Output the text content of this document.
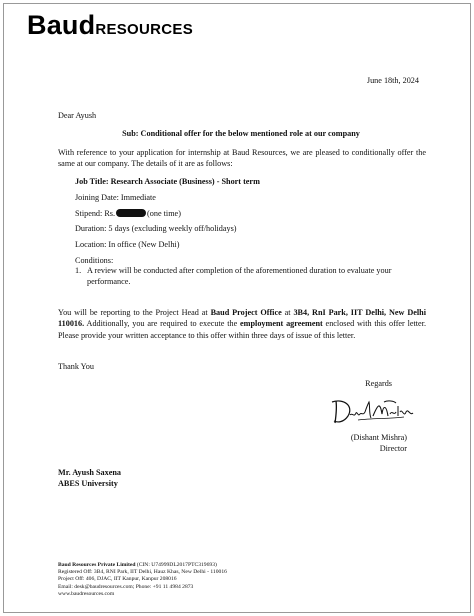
BaudRESOURCES
June 18th, 2024
Dear Ayush
Sub: Conditional offer for the below mentioned role at our company
With reference to your application for internship at Baud Resources, we are pleased to conditionally offer the same at our company. The details of it are as follows:
Job Title: Research Associate (Business) - Short term
Joining Date: Immediate
Stipend: Rs.	(one time)
Duration: 5 days (excluding weekly off/holidays)
Location: In office (New Delhi)
Conditions:
1. A review will be conducted after completion of the aforementioned duration to evaluate your performance.
You will be reporting to the Project Head at Baud Project Office at 3B4, RnI Park, IIT Delhi, New Delhi 110016. Additionally, you are required to execute the employment agreement enclosed with this offer letter. Please provide your written acceptance to this offer within three days of issue of this letter.
Thank You
Regards
(Dishant Mishra)
Director
Mr. Ayush Saxena
ABES University
Baud Resources Private Limited (CIN: U74999DL2017PTC319693)
Registered Off: 3B4, RNI Park, IIT Delhi, Hauz Khas, New Delhi - 110016
Project Off: 406, DJAC, IIT Kanpur, Kanpur 208016
Email: desk@baudresources.com; Phone: +91 11 4984 2873
www.baudresources.com
